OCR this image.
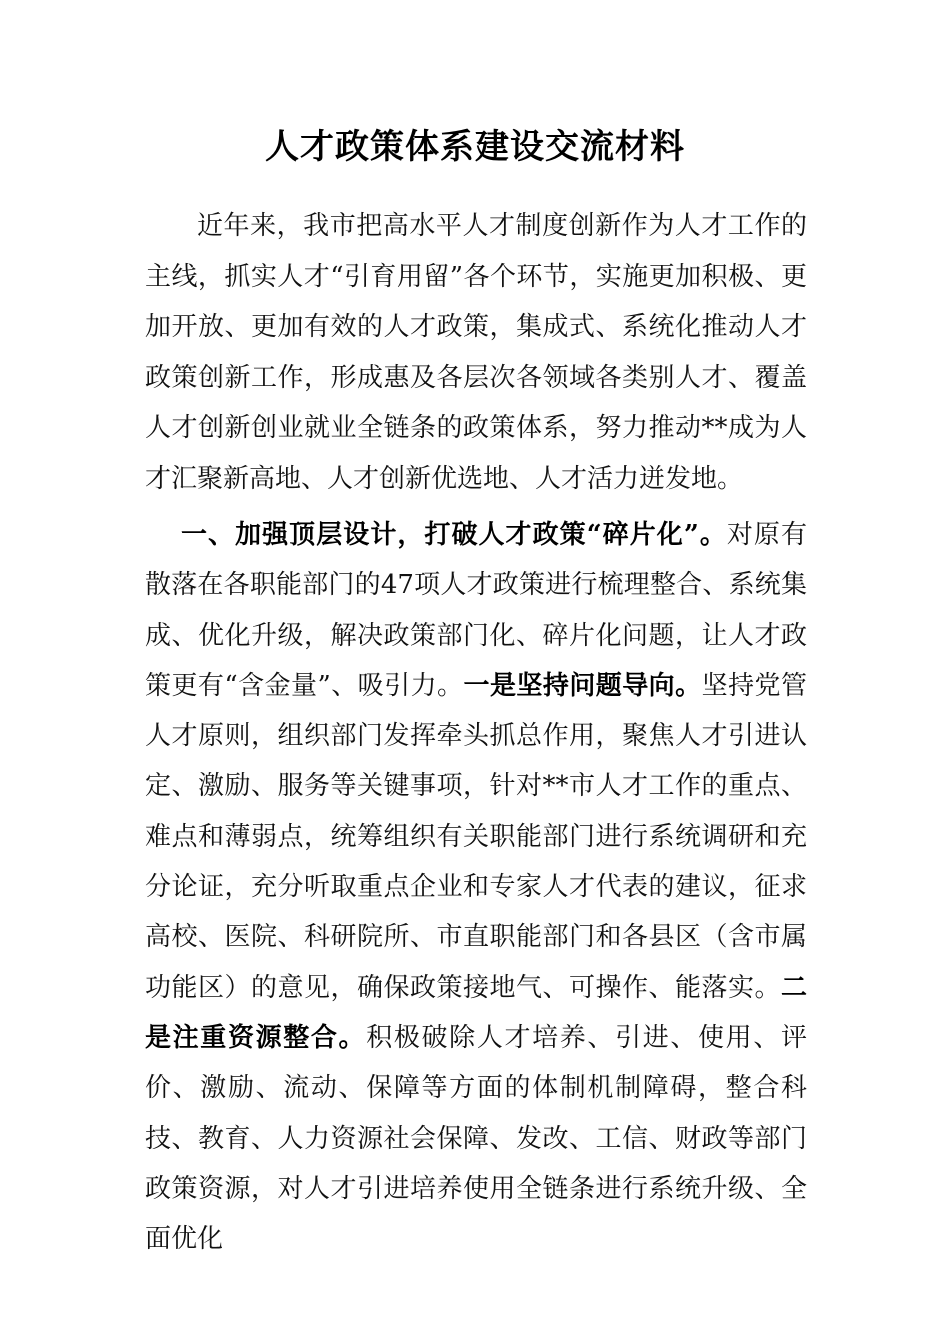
人才政策体系建设交流材料
近年来，我市把高水平人才制度创新作为人才工作的主线，抓实人才“引育用留”各个环节，实施更加积极、更加开放、更加有效的人才政策，集成式、系统化推动人才政策创新工作，形成惠及各层次各领域各类别人才、覆盖人才创新创业就业全链条的政策体系，努力推动**成为人才汇聚新高地、人才创新优选地、人才活力迸发地。
一、加强顶层设计，打破人才政策“碎片化”。对原有散落在各职能部门的47项人才政策进行梳理整合、系统集成、优化升级，解决政策部门化、碎片化问题，让人才政策更有“含金量”、吸引力。一是坚持问题导向。坚持党管人才原则，组织部门发挥牵头抓总作用，聚焦人才引进认定、激励、服务等关键事项，针对**市人才工作的重点、难点和薄弱点，统筹组织有关职能部门进行系统调研和充分论证，充分听取重点企业和专家人才代表的建议，征求高校、医院、科研院所、市直职能部门和各县区（含市属功能区）的意见，确保政策接地气、可操作、能落实。二是注重资源整合。积极破除人才培养、引进、使用、评价、激励、流动、保障等方面的体制机制障碍，整合科技、教育、人力资源社会保障、发改、工信、财政等部门政策资源，对人才引进培养使用全链条进行系统升级、全面优化
